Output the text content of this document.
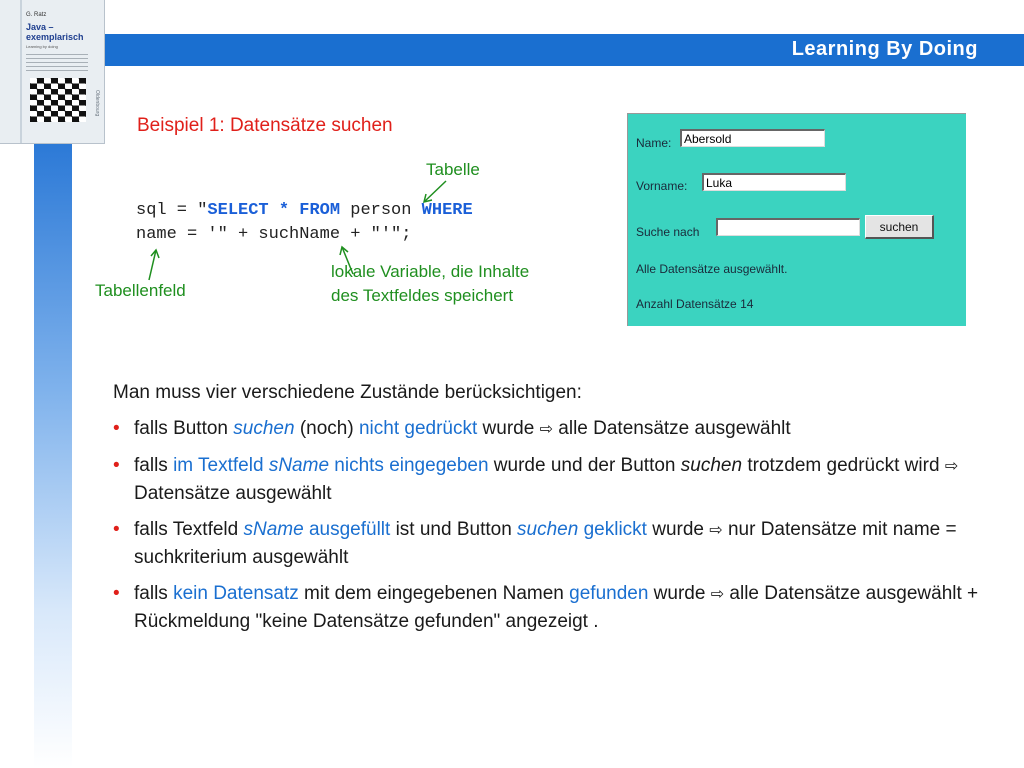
Learning By Doing
G. Ratz
Java –
exemplarisch
Learning by doing
Oldenbourg
Beispiel 1: Datensätze suchen
sql = "SELECT * FROM person WHERE
name = '" + suchName + "'";
Tabelle
Tabellenfeld
lokale Variable, die Inhalte
des Textfeldes speichert
Name:	Abersold
Vorname:	Luka
Suche nach	suchen
Alle Datensätze ausgewählt.
Anzahl Datensätze 14

Man muss vier verschiedene Zustände berücksichtigen:

• falls Button suchen (noch) nicht gedrückt wurde ⇨ alle Datensätze ausgewählt
• falls im Textfeld sName nichts eingegeben wurde und der Button suchen trotzdem gedrückt wird ⇨ Datensätze ausgewählt
• falls Textfeld sName ausgefüllt ist und Button suchen geklickt wurde ⇨ nur Datensätze mit name = suchkriterium ausgewählt
• falls kein Datensatz mit dem eingegebenen Namen gefunden wurde ⇨ alle Datensätze ausgewählt + Rückmeldung "keine Datensätze gefunden" angezeigt .
